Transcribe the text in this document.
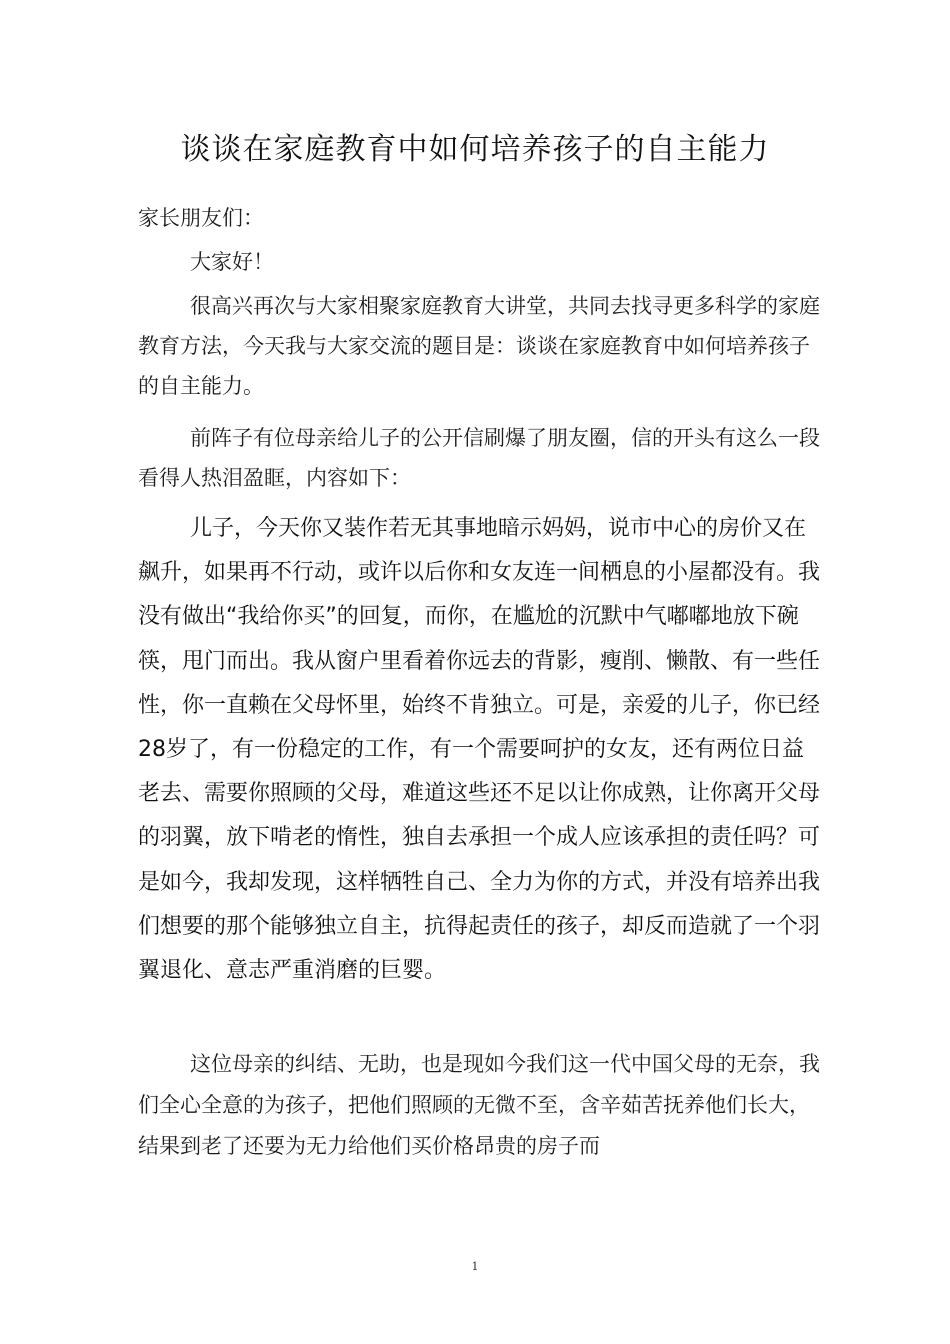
谈谈在家庭教育中如何培养孩子的自主能力

家长朋友们：

大家好！

很高兴再次与大家相聚家庭教育大讲堂，共同去找寻更多科学的家庭教育方法，今天我与大家交流的题目是：谈谈在家庭教育中如何培养孩子的自主能力。

前阵子有位母亲给儿子的公开信刷爆了朋友圈，信的开头有这么一段看得人热泪盈眶，内容如下：

儿子，今天你又装作若无其事地暗示妈妈，说市中心的房价又在飙升，如果再不行动，或许以后你和女友连一间栖息的小屋都没有。我没有做出“我给你买”的回复，而你，在尴尬的沉默中气嘟嘟地放下碗筷，甩门而出。我从窗户里看着你远去的背影，瘦削、懒散、有一些任性，你一直赖在父母怀里，始终不肯独立。可是，亲爱的儿子，你已经28岁了，有一份稳定的工作，有一个需要呵护的女友，还有两位日益老去、需要你照顾的父母，难道这些还不足以让你成熟，让你离开父母的羽翼，放下啃老的惰性，独自去承担一个成人应该承担的责任吗？可是如今，我却发现，这样牺牲自己、全力为你的方式，并没有培养出我们想要的那个能够独立自主，抗得起责任的孩子，却反而造就了一个羽翼退化、意志严重消磨的巨婴。

这位母亲的纠结、无助，也是现如今我们这一代中国父母的无奈，我们全心全意的为孩子，把他们照顾的无微不至，含辛茹苦抚养他们长大，结果到老了还要为无力给他们买价格昂贵的房子而

1
